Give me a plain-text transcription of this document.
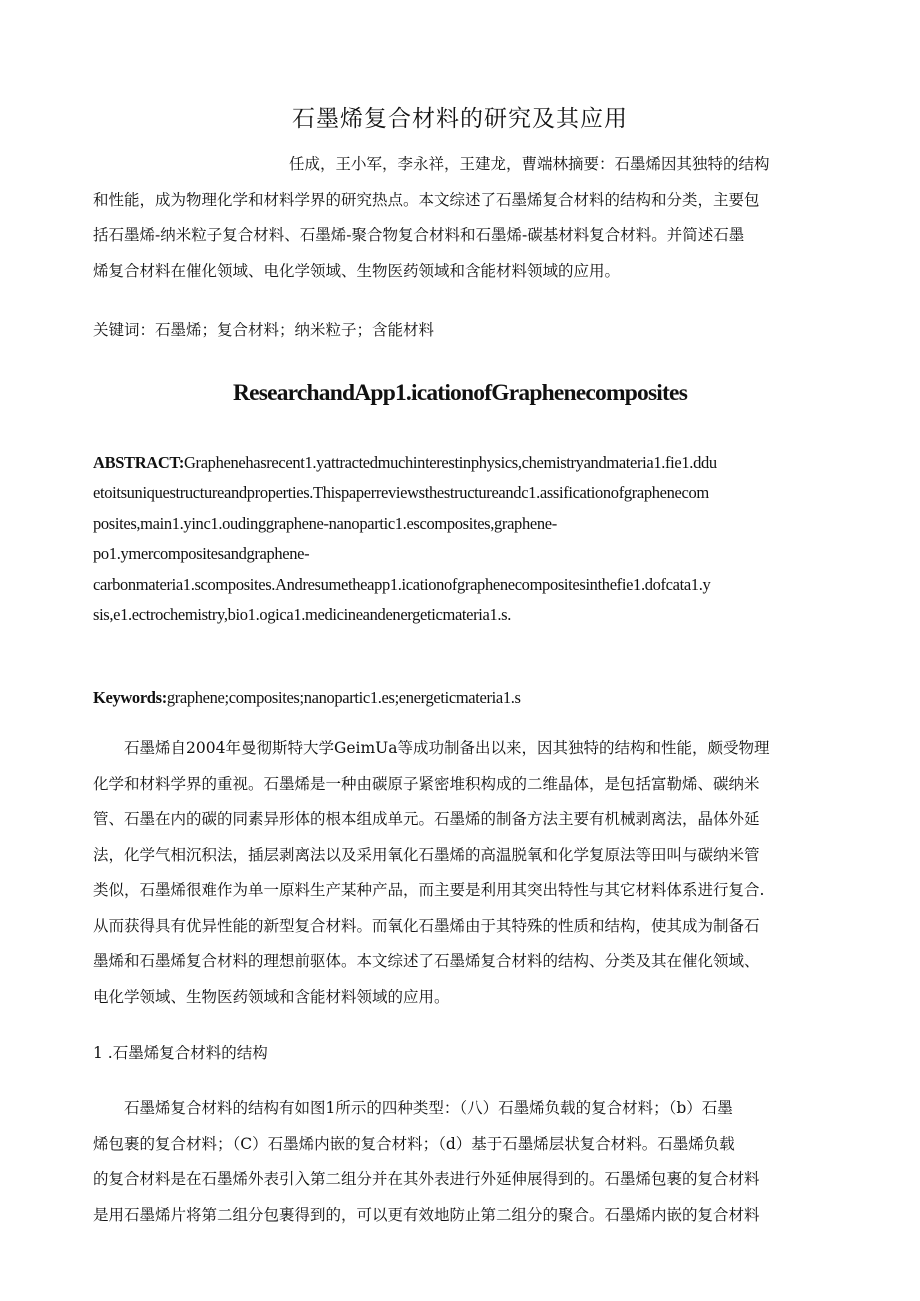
石墨烯复合材料的研究及其应用
任成，王小军，李永祥，王建龙，曹端林摘要：石墨烯因其独特的结构
和性能，成为物理化学和材料学界的研究热点。本文综述了石墨烯复合材料的结构和分类，主要包
括石墨烯-纳米粒子复合材料、石墨烯-聚合物复合材料和石墨烯-碳基材料复合材料。并简述石墨
烯复合材料在催化领域、电化学领域、生物医药领域和含能材料领域的应用。
关键词：石墨烯；复合材料；纳米粒子；含能材料
ResearchandApp1.icationofGraphenecomposites
ABSTRACT:Graphenehasrecent1.yattractedmuchinterestinphysics,chemistryandmateria1.fie1.ddu
etoitsuniquestructureandproperties.Thispaperreviewsthestructureandc1.assificationofgraphenecom
posites,main1.yinc1.oudinggraphene-nanopartic1.escomposites,graphene-
po1.ymercompositesandgraphene-
carbonmateria1.scomposites.Andresumetheapp1.icationofgraphenecompositesinthefie1.dofcata1.y
sis,e1.ectrochemistry,bio1.ogica1.medicineandenergeticmateria1.s.
Keywords:graphene;composites;nanopartic1.es;energeticmateria1.s
石墨烯自2004年曼彻斯特大学GeimUa等成功制备出以来，因其独特的结构和性能，颇受物理
化学和材料学界的重视。石墨烯是一种由碳原子紧密堆积构成的二维晶体，是包括富勒烯、碳纳米
管、石墨在内的碳的同素异形体的根本组成单元。石墨烯的制备方法主要有机械剥离法，晶体外延
法，化学气相沉积法，插层剥离法以及采用氧化石墨烯的高温脱氧和化学复原法等田叫与碳纳米管
类似，石墨烯很难作为单一原料生产某种产品，而主要是利用其突出特性与其它材料体系进行复合.
从而获得具有优异性能的新型复合材料。而氧化石墨烯由于其特殊的性质和结构，使其成为制备石
墨烯和石墨烯复合材料的理想前驱体。本文综述了石墨烯复合材料的结构、分类及其在催化领域、
电化学领域、生物医药领域和含能材料领域的应用。
1 .石墨烯复合材料的结构
石墨烯复合材料的结构有如图1所示的四种类型：（八）石墨烯负载的复合材料；（b）石墨
烯包裹的复合材料；（C）石墨烯内嵌的复合材料；（d）基于石墨烯层状复合材料。石墨烯负载
的复合材料是在石墨烯外表引入第二组分并在其外表进行外延伸展得到的。石墨烯包裹的复合材料
是用石墨烯片将第二组分包裹得到的，可以更有效地防止第二组分的聚合。石墨烯内嵌的复合材料
